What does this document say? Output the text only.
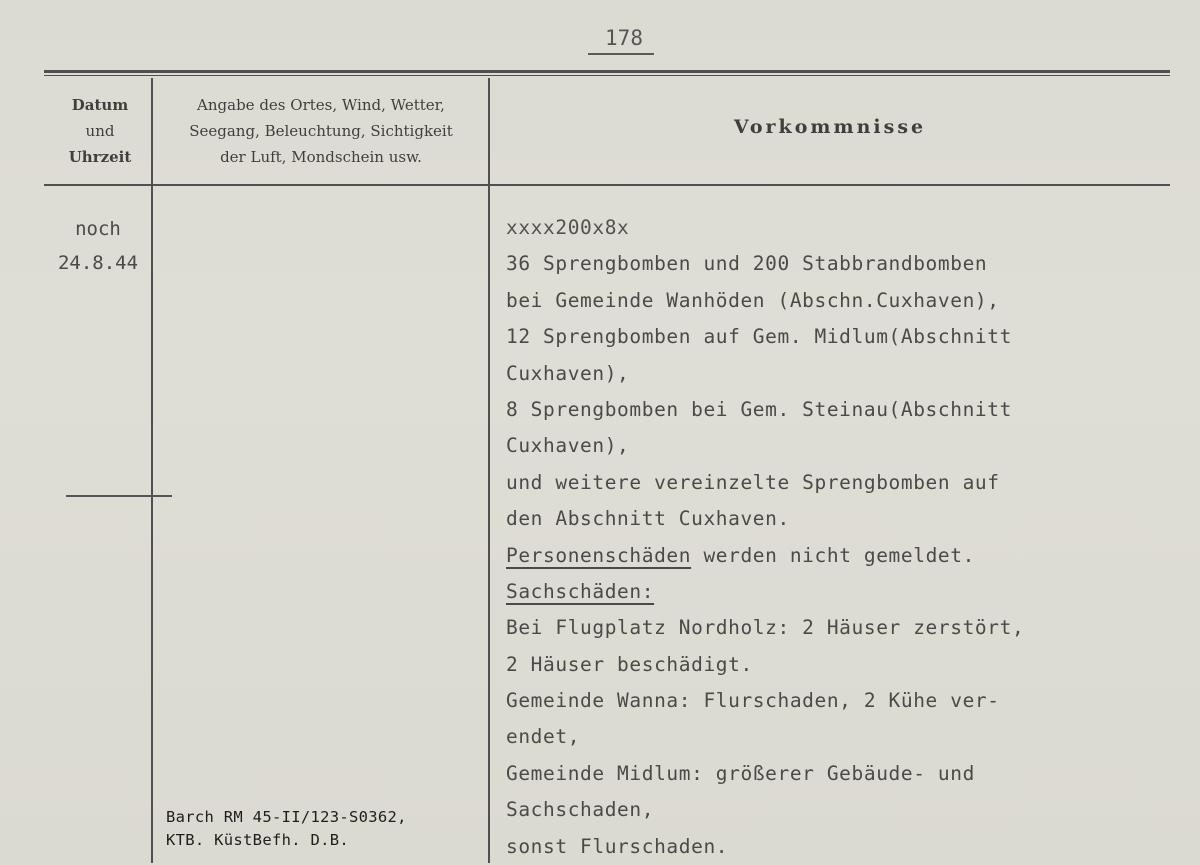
178
Datum
und
Uhrzeit
Angabe des Ortes, Wind, Wetter,
Seegang, Beleuchtung, Sichtigkeit
der Luft, Mondschein usw.
Vorkommnisse
noch
24.8.44
xxxx200x8x
36 Sprengbomben und 200 Stabbrandbomben
bei Gemeinde Wanhöden (Abschn.Cuxhaven),
12 Sprengbomben auf Gem. Midlum(Abschnitt
Cuxhaven),
8 Sprengbomben bei Gem. Steinau(Abschnitt
Cuxhaven),
und weitere vereinzelte Sprengbomben auf
den Abschnitt Cuxhaven.
Personenschäden werden nicht gemeldet.
Sachschäden:
Bei Flugplatz Nordholz: 2 Häuser zerstört,
2 Häuser beschädigt.
Gemeinde Wanna: Flurschaden, 2 Kühe ver-
endet,
Gemeinde Midlum: größerer Gebäude- und
Sachschaden,
sonst Flurschaden.
Barch RM 45-II/123-S0362,
KTB. KüstBefh. D.B.
